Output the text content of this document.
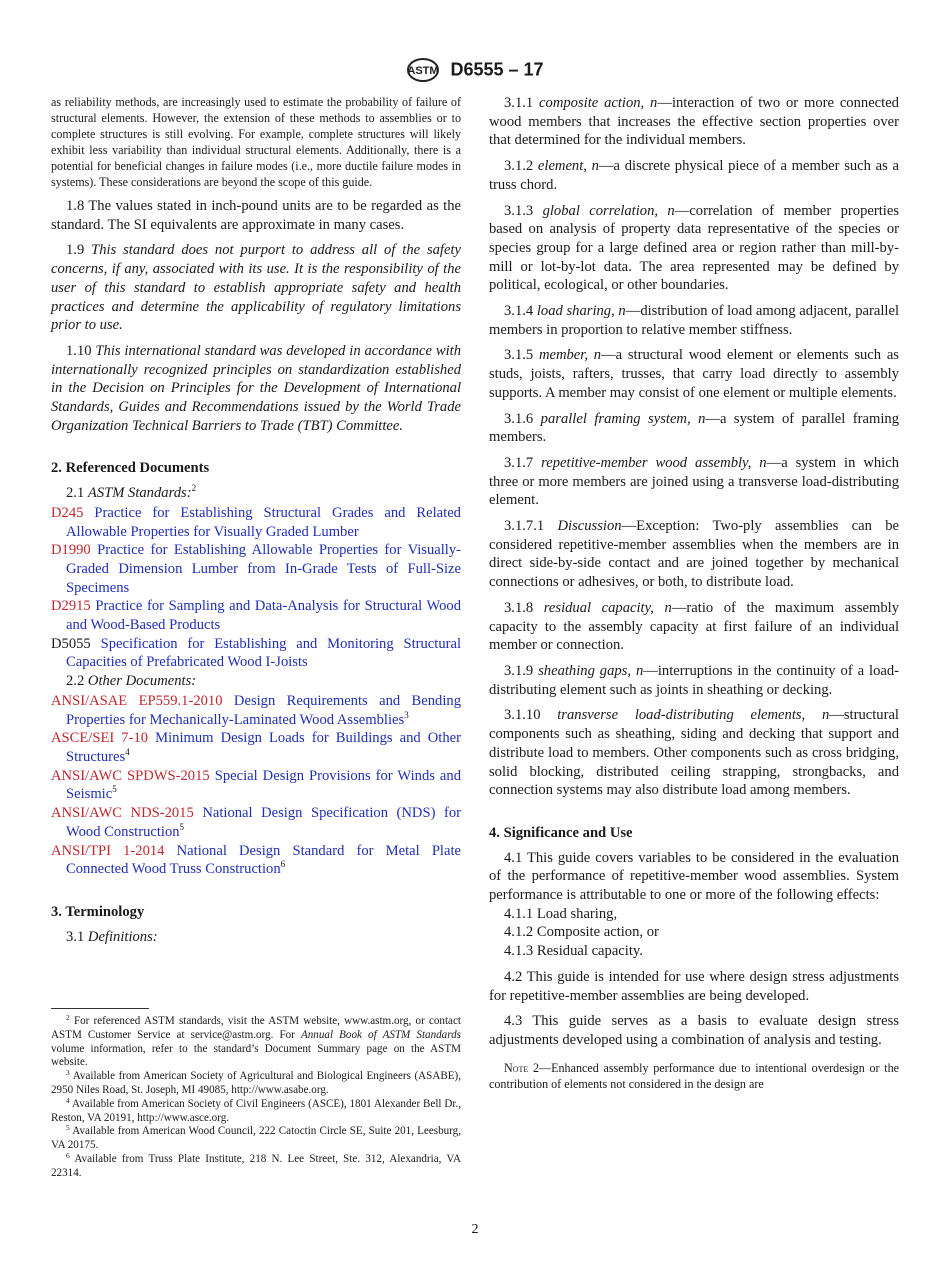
ASTM D6555 – 17

as reliability methods, are increasingly used to estimate the probability of failure of structural elements. However, the extension of these methods to assemblies or to complete structures is still evolving. For example, complete structures will likely exhibit less variability than individual structural elements. Additionally, there is a potential for beneficial changes in failure modes (i.e., more ductile failure modes in systems). These considerations are beyond the scope of this guide.

1.8 The values stated in inch-pound units are to be regarded as the standard. The SI equivalents are approximate in many cases.

1.9 This standard does not purport to address all of the safety concerns, if any, associated with its use. It is the responsibility of the user of this standard to establish appropriate safety and health practices and determine the applicability of regulatory limitations prior to use.

1.10 This international standard was developed in accordance with internationally recognized principles on standardization established in the Decision on Principles for the Development of International Standards, Guides and Recommendations issued by the World Trade Organization Technical Barriers to Trade (TBT) Committee.

2. Referenced Documents

2.1 ASTM Standards:$^2$

D245 Practice for Establishing Structural Grades and Related Allowable Properties for Visually Graded Lumber

D1990 Practice for Establishing Allowable Properties for Visually-Graded Dimension Lumber from In-Grade Tests of Full-Size Specimens

D2915 Practice for Sampling and Data-Analysis for Structural Wood and Wood-Based Products

D5055 Specification for Establishing and Monitoring Structural Capacities of Prefabricated Wood I-Joists

2.2 Other Documents:

ANSI/ASAE EP559.1-2010 Design Requirements and Bending Properties for Mechanically-Laminated Wood Assemblies$^3$

ASCE/SEI 7-10 Minimum Design Loads for Buildings and Other Structures$^4$

ANSI/AWC SPDWS-2015 Special Design Provisions for Winds and Seismic$^5$

ANSI/AWC NDS-2015 National Design Specification (NDS) for Wood Construction$^5$

ANSI/TPI 1-2014 National Design Standard for Metal Plate Connected Wood Truss Construction$^6$

3. Terminology

3.1 Definitions:

$^2$ For referenced ASTM standards, visit the ASTM website, www.astm.org, or contact ASTM Customer Service at service@astm.org. For Annual Book of ASTM Standards volume information, refer to the standard’s Document Summary page on the ASTM website.

$^3$ Available from American Society of Agricultural and Biological Engineers (ASABE), 2950 Niles Road, St. Joseph, MI 49085, http://www.asabe.org.

$^4$ Available from American Society of Civil Engineers (ASCE), 1801 Alexander Bell Dr., Reston, VA 20191, http://www.asce.org.

$^5$ Available from American Wood Council, 222 Catoctin Circle SE, Suite 201, Leesburg, VA 20175.

$^6$ Available from Truss Plate Institute, 218 N. Lee Street, Ste. 312, Alexandria, VA 22314.

3.1.1 composite action, n—interaction of two or more connected wood members that increases the effective section properties over that determined for the individual members.

3.1.2 element, n—a discrete physical piece of a member such as a truss chord.

3.1.3 global correlation, n—correlation of member properties based on analysis of property data representative of the species or species group for a large defined area or region rather than mill-by-mill or lot-by-lot data. The area represented may be defined by political, ecological, or other boundaries.

3.1.4 load sharing, n—distribution of load among adjacent, parallel members in proportion to relative member stiffness.

3.1.5 member, n—a structural wood element or elements such as studs, joists, rafters, trusses, that carry load directly to assembly supports. A member may consist of one element or multiple elements.

3.1.6 parallel framing system, n—a system of parallel framing members.

3.1.7 repetitive-member wood assembly, n—a system in which three or more members are joined using a transverse load-distributing element.

3.1.7.1 Discussion—Exception: Two-ply assemblies can be considered repetitive-member assemblies when the members are in direct side-by-side contact and are joined together by mechanical connections or adhesives, or both, to distribute load.

3.1.8 residual capacity, n—ratio of the maximum assembly capacity to the assembly capacity at first failure of an individual member or connection.

3.1.9 sheathing gaps, n—interruptions in the continuity of a load-distributing element such as joints in sheathing or decking.

3.1.10 transverse load-distributing elements, n—structural components such as sheathing, siding and decking that support and distribute load to members. Other components such as cross bridging, solid blocking, distributed ceiling strapping, strongbacks, and connection systems may also distribute load among members.

4. Significance and Use

4.1 This guide covers variables to be considered in the evaluation of the performance of repetitive-member wood assemblies. System performance is attributable to one or more of the following effects:

4.1.1 Load sharing,

4.1.2 Composite action, or

4.1.3 Residual capacity.

4.2 This guide is intended for use where design stress adjustments for repetitive-member assemblies are being developed.

4.3 This guide serves as a basis to evaluate design stress adjustments developed using a combination of analysis and testing.

Note 2—Enhanced assembly performance due to intentional overdesign or the contribution of elements not considered in the design are

2
